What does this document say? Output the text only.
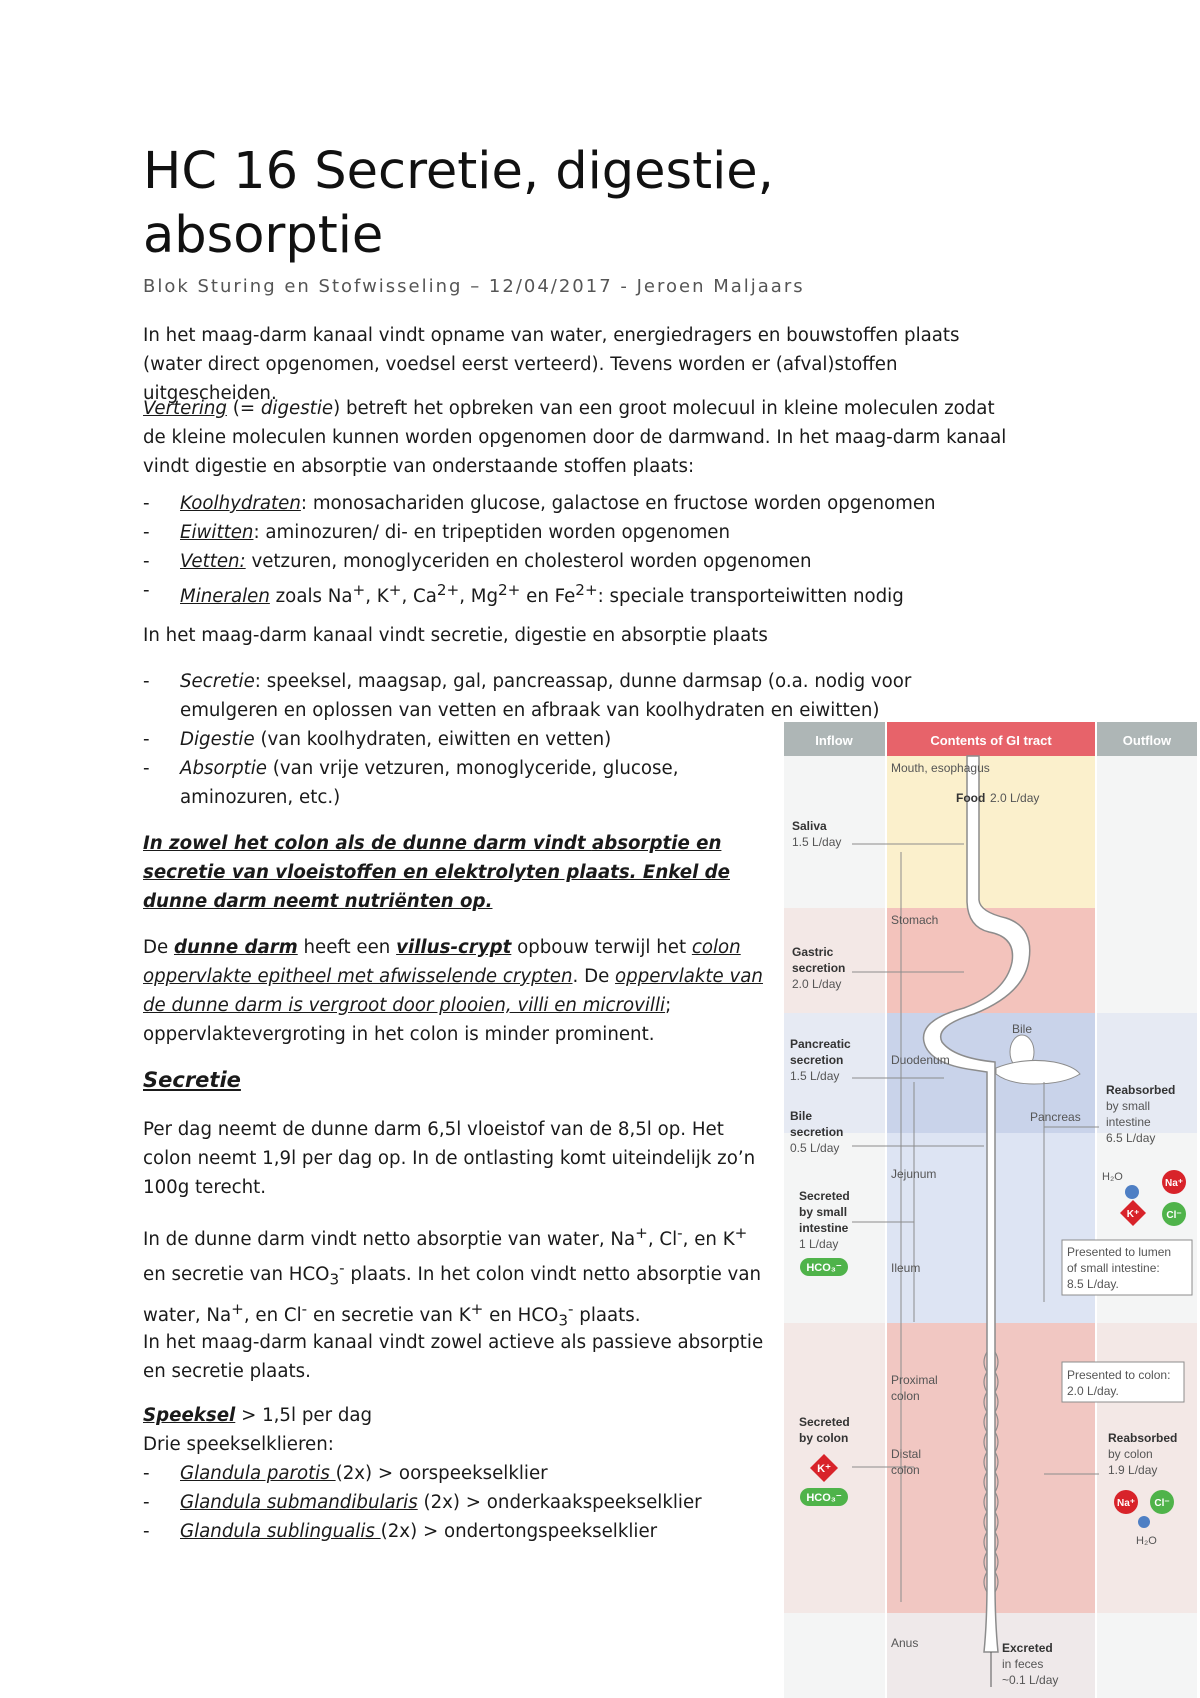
HC 16 Secretie, digestie, absorptie

Blok Sturing en Stofwisseling – 12/04/2017 - Jeroen Maljaars

In het maag-darm kanaal vindt opname van water, energiedragers en bouwstoffen plaats (water direct opgenomen, voedsel eerst verteerd). Tevens worden er (afval)stoffen uitgescheiden.

Vertering (= digestie) betreft het opbreken van een groot molecuul in kleine moleculen zodat de kleine moleculen kunnen worden opgenomen door de darmwand. In het maag-darm kanaal vindt digestie en absorptie van onderstaande stoffen plaats:

- Koolhydraten: monosachariden glucose, galactose en fructose worden opgenomen
- Eiwitten: aminozuren/ di- en tripeptiden worden opgenomen
- Vetten: vetzuren, monoglyceriden en cholesterol worden opgenomen
- Mineralen zoals Na+, K+, $Ca^{2+}$, $Mg^{2+}$ en $Fe^{2+}$: speciale transporteiwitten nodig

In het maag-darm kanaal vindt secretie, digestie en absorptie plaats

- Secretie: speeksel, maagsap, gal, pancreassap, dunne darmsap (o.a. nodig voor emulgeren en oplossen van vetten en afbraak van koolhydraten en eiwitten)
- Digestie (van koolhydraten, eiwitten en vetten)
- Absorptie (van vrije vetzuren, monoglyceride, glucose, aminozuren, etc.)

In zowel het colon als de dunne darm vindt absorptie en secretie van vloeistoffen en elektrolyten plaats. Enkel de dunne darm neemt nutriënten op.

De dunne darm heeft een villus-crypt opbouw terwijl het colon oppervlakte epitheel met afwisselende crypten. De oppervlakte van de dunne darm is vergroot door plooien, villi en microvilli; oppervlaktevergroting in het colon is minder prominent.

Secretie

Per dag neemt de dunne darm 6,5l vloeistof van de 8,5l op. Het colon neemt 1,9l per dag op. In de ontlasting komt uiteindelijk zo’n 100g terecht.

In de dunne darm vindt netto absorptie van water, Na+, Cl-, en K+ en secretie van $HCO_3^-$ plaats. In het colon vindt netto absorptie van water, Na+, en Cl- en secretie van K+ en $HCO_3^-$ plaats.

In het maag-darm kanaal vindt zowel actieve als passieve absorptie en secretie plaats.

Speeksel > 1,5l per dag
Drie speekselklieren:

- Glandula parotis (2x) > oorspeekselklier
- Glandula submandibularis (2x) > onderkaakspeekselklier
- Glandula sublingualis (2x) > ondertongspeekselklier
Inflow	Contents of GI tract	Outflow
Mouth, esophagus
Food 2.0 L/day
Stomach
Bile
Duodenum
Pancreas
Jejunum
Ileum
Proximal
colon
Distal
colon
Anus
Saliva
1.5 L/day
Gastric
secretion
2.0 L/day
Pancreatic
secretion
1.5 L/day
Bile
secretion
0.5 L/day
Secreted
by small
intestine
1 L/day
HCO₃⁻
Secreted
by colon
K⁺
HCO₃⁻
Reabsorbed
by small
intestine
6.5 L/day
H₂O
Na⁺
K⁺	Cl⁻
Presented to lumen
of small intestine:
8.5 L/day.
Presented to colon:
2.0 L/day.
Reabsorbed
by colon
1.9 L/day
Na⁺ Cl⁻
H₂O
Excreted
in feces
~0.1 L/day
